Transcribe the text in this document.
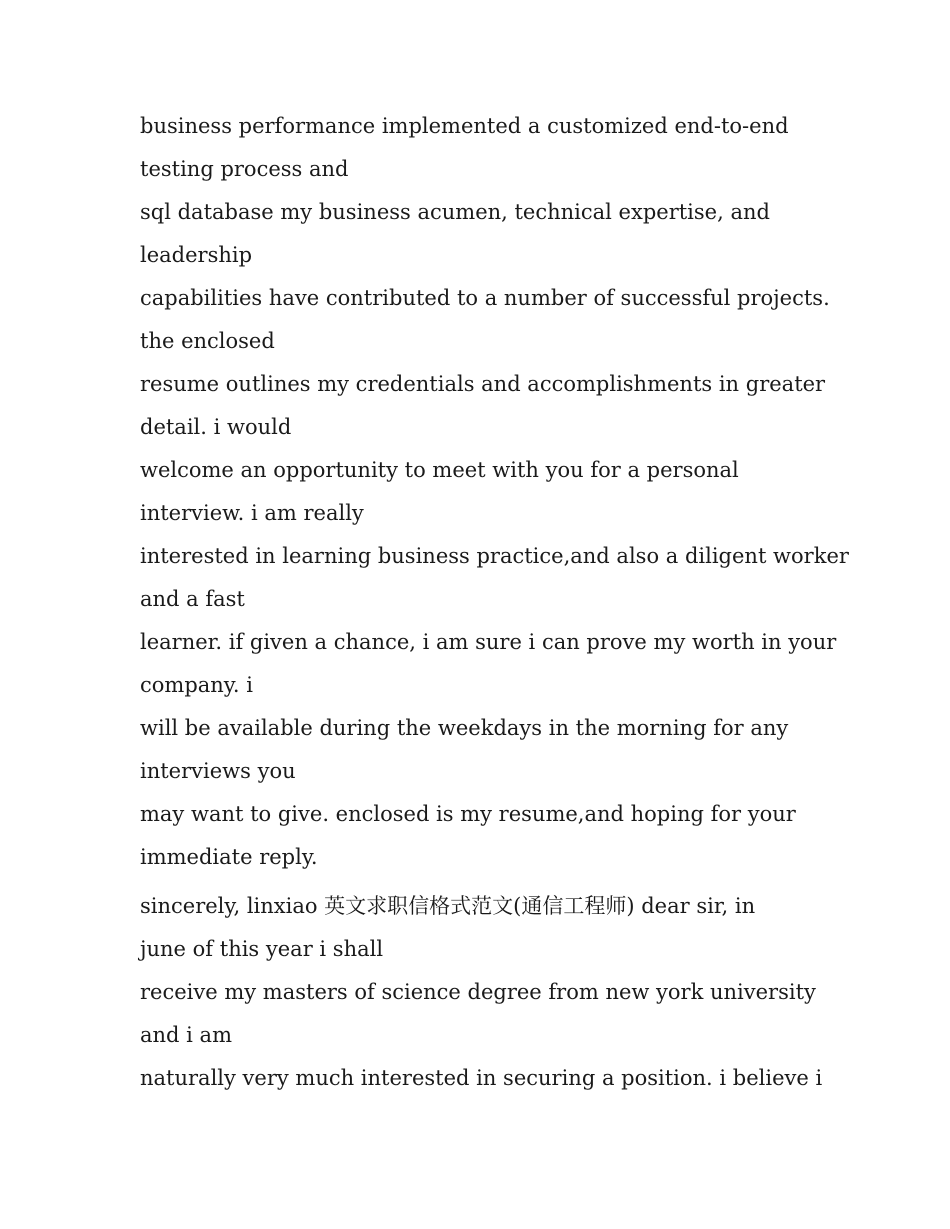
business performance implemented a customized end-to-end

testing process and

sql database my business acumen, technical expertise, and

leadership

capabilities have contributed to a number of successful projects.

the enclosed

resume outlines my credentials and accomplishments in greater

detail. i would

welcome an opportunity to meet with you for a personal

interview. i am really

interested in learning business practice,and also a diligent worker

and a fast

learner. if given a chance, i am sure i can prove my worth in your

company. i

will be available during the weekdays in the morning for any

interviews you

may want to give. enclosed is my resume,and hoping for your

immediate reply.

sincerely, linxiao 英文求职信格式范文(通信工程师) dear sir, in

june of this year i shall

receive my masters of science degree from new york university

and i am

naturally very much interested in securing a position. i believe i
